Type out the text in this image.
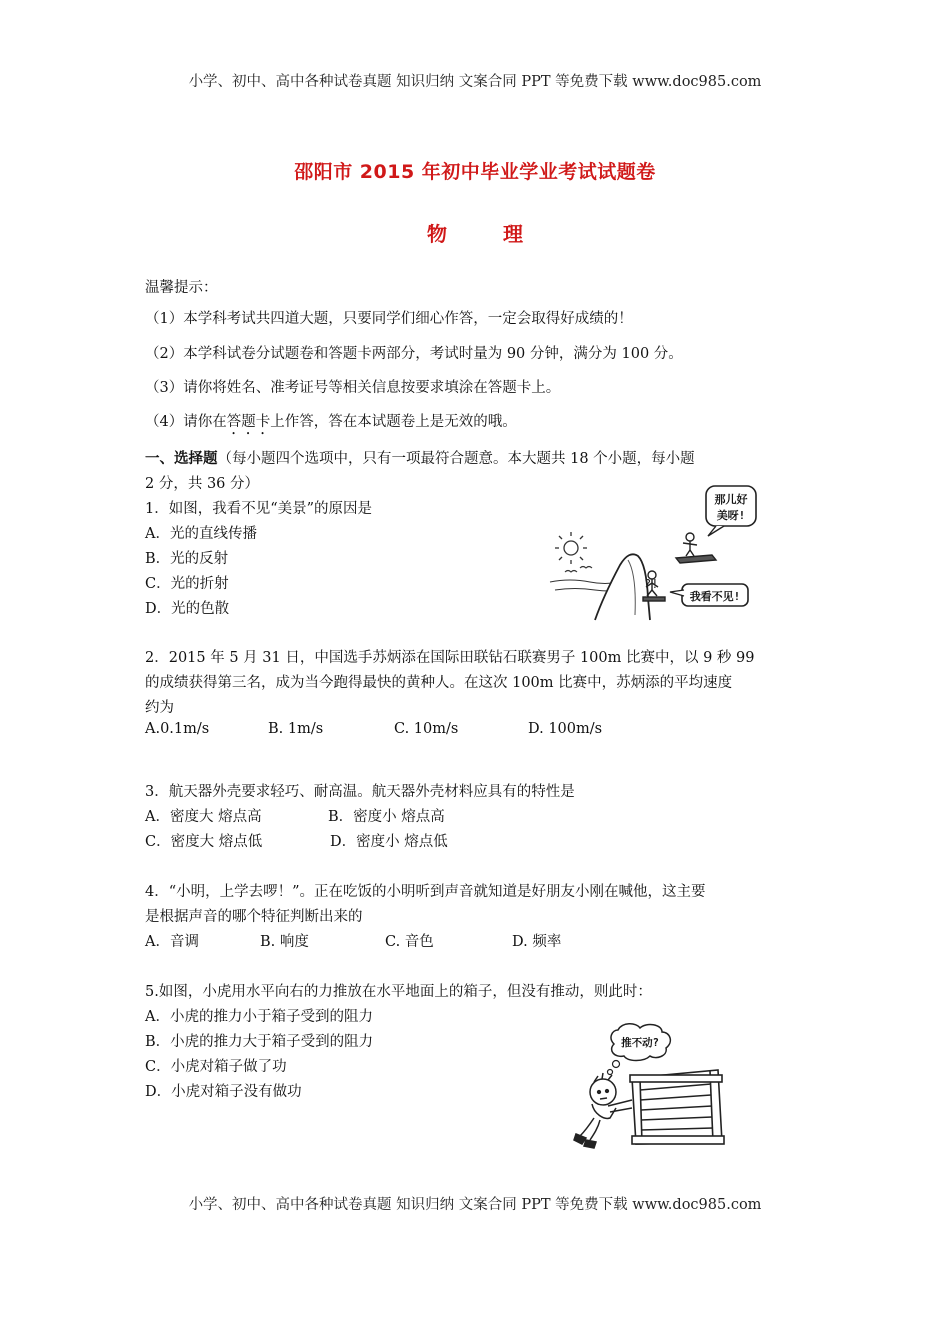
小学、初中、高中各种试卷真题 知识归纳 文案合同 PPT 等免费下载 www.doc985.com
小学、初中、高中各种试卷真题 知识归纳 文案合同 PPT 等免费下载 www.doc985.com
邵阳市 2015 年初中毕业学业考试试题卷
物	理
温馨提示：
（1）本学科考试共四道大题，只要同学们细心作答，一定会取得好成绩的！
（2）本学科试卷分试题卷和答题卡两部分，考试时量为 90 分钟，满分为 100 分。
（3）请你将姓名、准考证号等相关信息按要求填涂在答题卡上。
（4）请你在答题卡上作答，答在本试题卷上是无效的哦。
一、选择题（每小题四个选项中，只有一项最符合题意。本大题共 18 个小题，每小题
2 分，共 36 分）
1．如图，我看不见“美景”的原因是
A．光的直线传播
B．光的反射
C．光的折射
D．光的色散
?!
那儿好
美呀!
我看不见!
2．2015 年 5 月 31 日，中国选手苏炳添在国际田联钻石联赛男子 100m 比赛中，以 9 秒 99
的成绩获得第三名，成为当今跑得最快的黄种人。在这次 100m 比赛中，苏炳添的平均速度
约为
A.0.1m/s	B. 1m/s	C. 10m/s	D. 100m/s
3．航天器外壳要求轻巧、耐高温。航天器外壳材料应具有的特性是
A．密度大 熔点高	B．密度小 熔点高
C．密度大 熔点低	D．密度小 熔点低
4．“小明，上学去啰！”。正在吃饭的小明听到声音就知道是好朋友小刚在喊他，这主要
是根据声音的哪个特征判断出来的
A．音调	B. 响度	C. 音色	D. 频率
5.如图，小虎用水平向右的力推放在水平地面上的箱子，但没有推动，则此时：
A．小虎的推力小于箱子受到的阻力
B．小虎的推力大于箱子受到的阻力
C．小虎对箱子做了功
D．小虎对箱子没有做功
推不动?
